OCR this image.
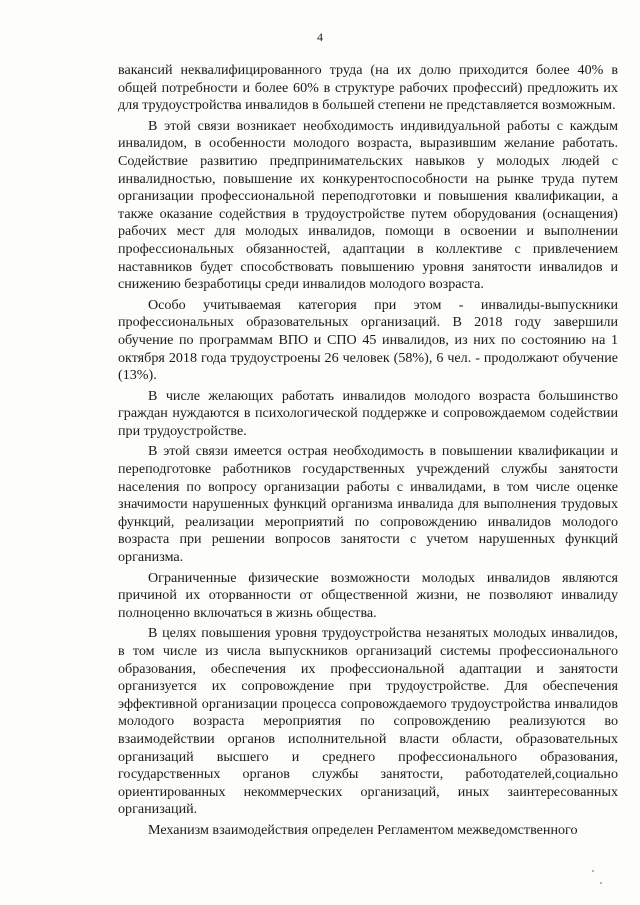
4

вакансий неквалифицированного труда (на их долю приходится более 40% в общей потребности и более 60% в структуре рабочих профессий) предложить их для трудоустройства инвалидов в большей степени не представляется возможным.

В этой связи возникает необходимость индивидуальной работы с каждым инвалидом, в особенности молодого возраста, выразившим желание работать. Содействие развитию предпринимательских навыков у молодых людей с инвалидностью, повышение их конкурентоспособности на рынке труда путем организации профессиональной переподготовки и повышения квалификации, а также оказание содействия в трудоустройстве путем оборудования (оснащения) рабочих мест для молодых инвалидов, помощи в освоении и выполнении профессиональных обязанностей, адаптации в коллективе с привлечением наставников будет способствовать повышению уровня занятости инвалидов и снижению безработицы среди инвалидов молодого возраста.

Особо учитываемая категория при этом - инвалиды-выпускники профессиональных образовательных организаций. В 2018 году завершили обучение по программам ВПО и СПО 45 инвалидов, из них по состоянию на 1 октября 2018 года трудоустроены 26 человек (58%), 6 чел. - продолжают обучение (13%).

В числе желающих работать инвалидов молодого возраста большинство граждан нуждаются в психологической поддержке и сопровождаемом содействии при трудоустройстве.

В этой связи имеется острая необходимость в повышении квалификации и переподготовке работников государственных учреждений службы занятости населения по вопросу организации работы с инвалидами, в том числе оценке значимости нарушенных функций организма инвалида для выполнения трудовых функций, реализации мероприятий по сопровождению инвалидов молодого возраста при решении вопросов занятости с учетом нарушенных функций организма.

Ограниченные физические возможности молодых инвалидов являются причиной их оторванности от общественной жизни, не позволяют инвалиду полноценно включаться в жизнь общества.

В целях повышения уровня трудоустройства незанятых молодых инвалидов, в том числе из числа выпускников организаций системы профессионального образования, обеспечения их профессиональной адаптации и занятости организуется их сопровождение при трудоустройстве. Для обеспечения эффективной организации процесса сопровождаемого трудоустройства инвалидов молодого возраста мероприятия по сопровождению реализуются во взаимодействии органов исполнительной власти области, образовательных организаций высшего и среднего профессионального образования, государственных органов службы занятости, работодателей,социально ориентированных некоммерческих организаций, иных заинтересованных организаций.

Механизм взаимодействия определен Регламентом межведомственного
